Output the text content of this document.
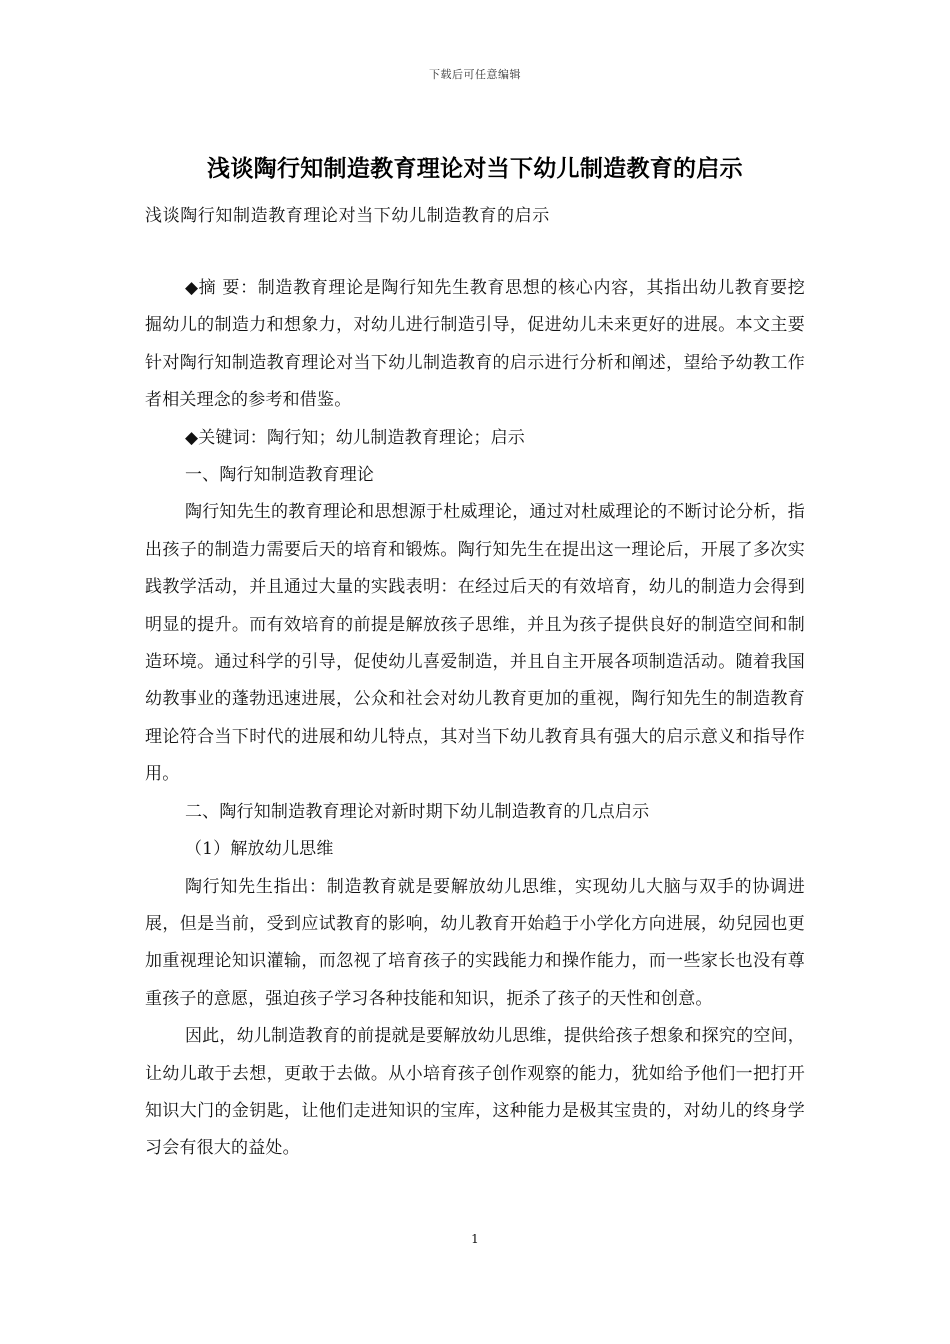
下载后可任意编辑
浅谈陶行知制造教育理论对当下幼儿制造教育的启示
浅谈陶行知制造教育理论对当下幼儿制造教育的启示

◆摘 要：制造教育理论是陶行知先生教育思想的核心内容，其指出幼儿教育要挖掘幼儿的制造力和想象力，对幼儿进行制造引导，促进幼儿未来更好的进展。本文主要针对陶行知制造教育理论对当下幼儿制造教育的启示进行分析和阐述，望给予幼教工作者相关理念的参考和借鉴。

◆关键词：陶行知；幼儿制造教育理论；启示

一、陶行知制造教育理论

陶行知先生的教育理论和思想源于杜威理论，通过对杜威理论的不断讨论分析，指出孩子的制造力需要后天的培育和锻炼。陶行知先生在提出这一理论后，开展了多次实践教学活动，并且通过大量的实践表明：在经过后天的有效培育，幼儿的制造力会得到明显的提升。而有效培育的前提是解放孩子思维，并且为孩子提供良好的制造空间和制造环境。通过科学的引导，促使幼儿喜爱制造，并且自主开展各项制造活动。随着我国幼教事业的蓬勃迅速进展，公众和社会对幼儿教育更加的重视，陶行知先生的制造教育理论符合当下时代的进展和幼儿特点，其对当下幼儿教育具有强大的启示意义和指导作用。

二、陶行知制造教育理论对新时期下幼儿制造教育的几点启示

（1）解放幼儿思维

陶行知先生指出：制造教育就是要解放幼儿思维，实现幼儿大脑与双手的协调进展，但是当前，受到应试教育的影响，幼儿教育开始趋于小学化方向进展，幼兒园也更加重视理论知识灌输，而忽视了培育孩子的实践能力和操作能力，而一些家长也没有尊重孩子的意愿，强迫孩子学习各种技能和知识，扼杀了孩子的天性和创意。

因此，幼儿制造教育的前提就是要解放幼儿思维，提供给孩子想象和探究的空间，让幼儿敢于去想，更敢于去做。从小培育孩子创作观察的能力，犹如给予他们一把打开知识大门的金钥匙，让他们走进知识的宝库，这种能力是极其宝贵的，对幼儿的终身学习会有很大的益处。

1
